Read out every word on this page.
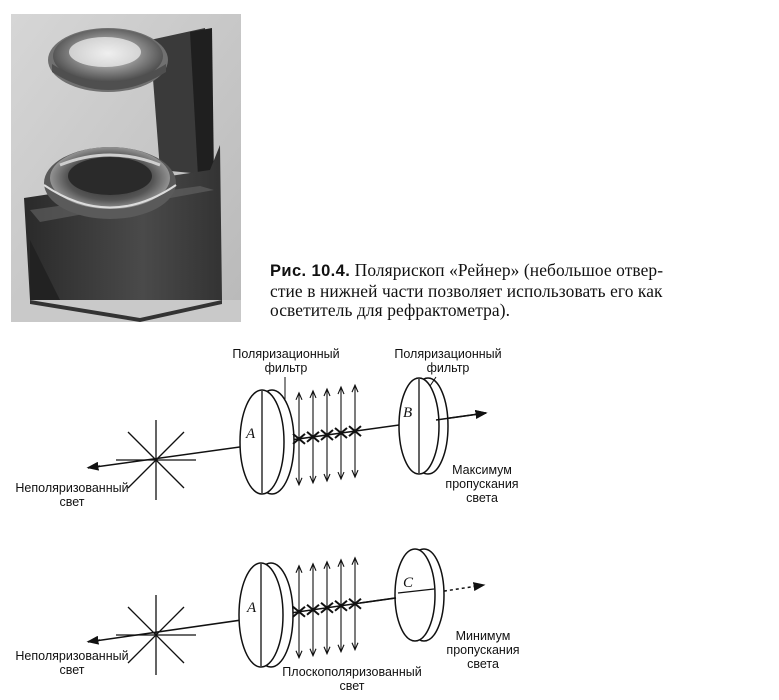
Рис. 10.4. Полярископ «Рейнер» (небольшое отвер-
стие в нижней части позволяет использовать его как
осветитель для рефрактометра).
A
B
Поляризационный фильтр
Поляризационный фильтр
Неполяризованный свет
Максимум пропускания света
A
C
Неполяризованный свет	Плоскополяризованный свет
Минимум пропускания света
